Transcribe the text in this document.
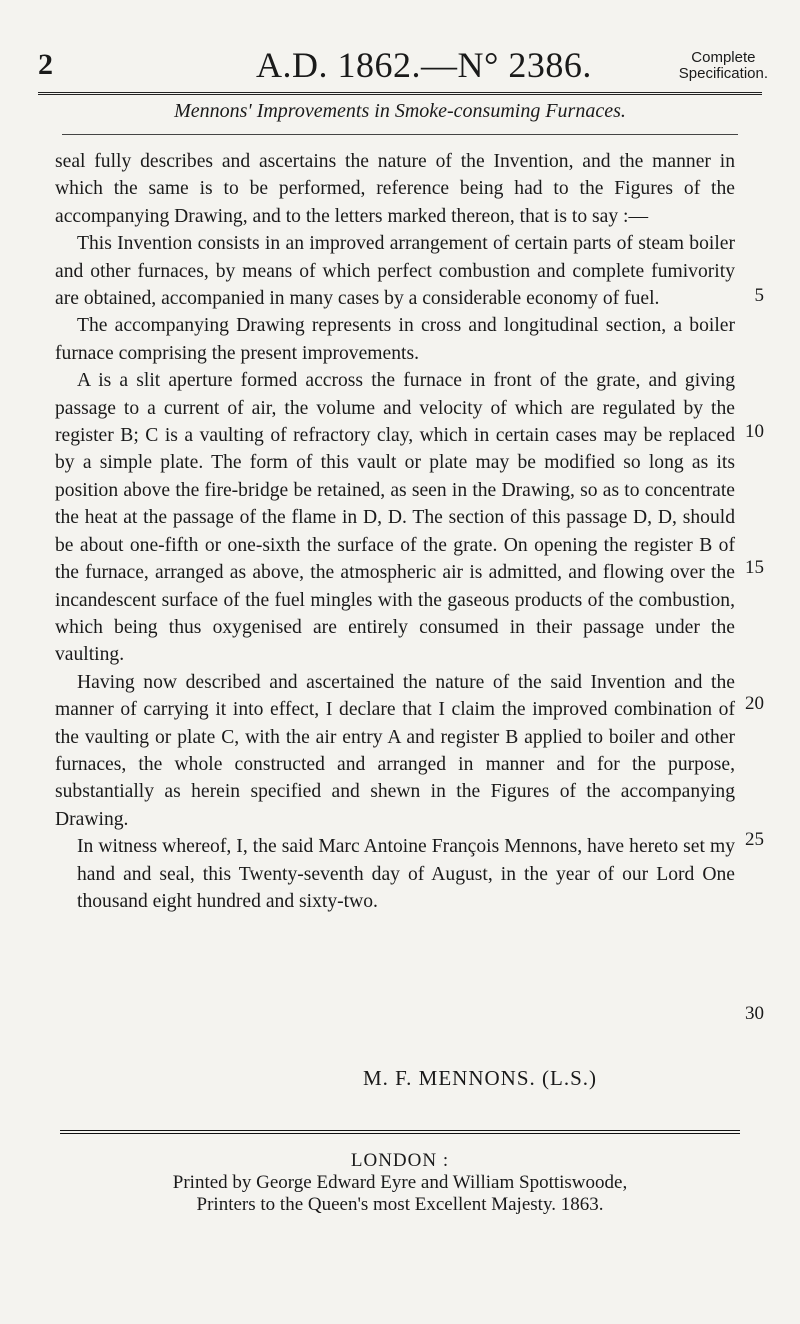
2	A.D. 1862.—N° 2386.	Complete
Specification.
Mennons' Improvements in Smoke-consuming Furnaces.

seal fully describes and ascertains the nature of the Invention, and the manner in which the same is to be performed, reference being had to the Figures of the accompanying Drawing, and to the letters marked thereon, that is to say :—

This Invention consists in an improved arrangement of certain parts of steam boiler and other furnaces, by means of which perfect combustion and complete fumivority are obtained, accompanied in many cases by a considerable economy of fuel.

The accompanying Drawing represents in cross and longitudinal section, a boiler furnace comprising the present improvements.

A is a slit aperture formed accross the furnace in front of the grate, and giving passage to a current of air, the volume and velocity of which are regulated by the register B; C is a vaulting of refractory clay, which in certain cases may be replaced by a simple plate. The form of this vault or plate may be modified so long as its position above the fire-bridge be retained, as seen in the Drawing, so as to concentrate the heat at the passage of the flame in D, D. The section of this passage D, D, should be about one-fifth or one-sixth the surface of the grate. On opening the register B of the furnace, arranged as above, the atmospheric air is admitted, and flowing over the incandescent surface of the fuel mingles with the gaseous products of the combustion, which being thus oxygenised are entirely consumed in their passage under the vaulting.

Having now described and ascertained the nature of the said Invention and the manner of carrying it into effect, I declare that I claim the improved combination of the vaulting or plate C, with the air entry A and register B applied to boiler and other furnaces, the whole constructed and arranged in manner and for the purpose, substantially as herein specified and shewn in the Figures of the accompanying Drawing.

In witness whereof, I, the said Marc Antoine François Mennons, have hereto set my hand and seal, this Twenty-seventh day of August, in the year of our Lord One thousand eight hundred and sixty-two.

5
10
15
20
25
30
M. F. MENNONS. (L.S.)
LONDON :
Printed by George Edward Eyre and William Spottiswoode,
Printers to the Queen's most Excellent Majesty. 1863.
